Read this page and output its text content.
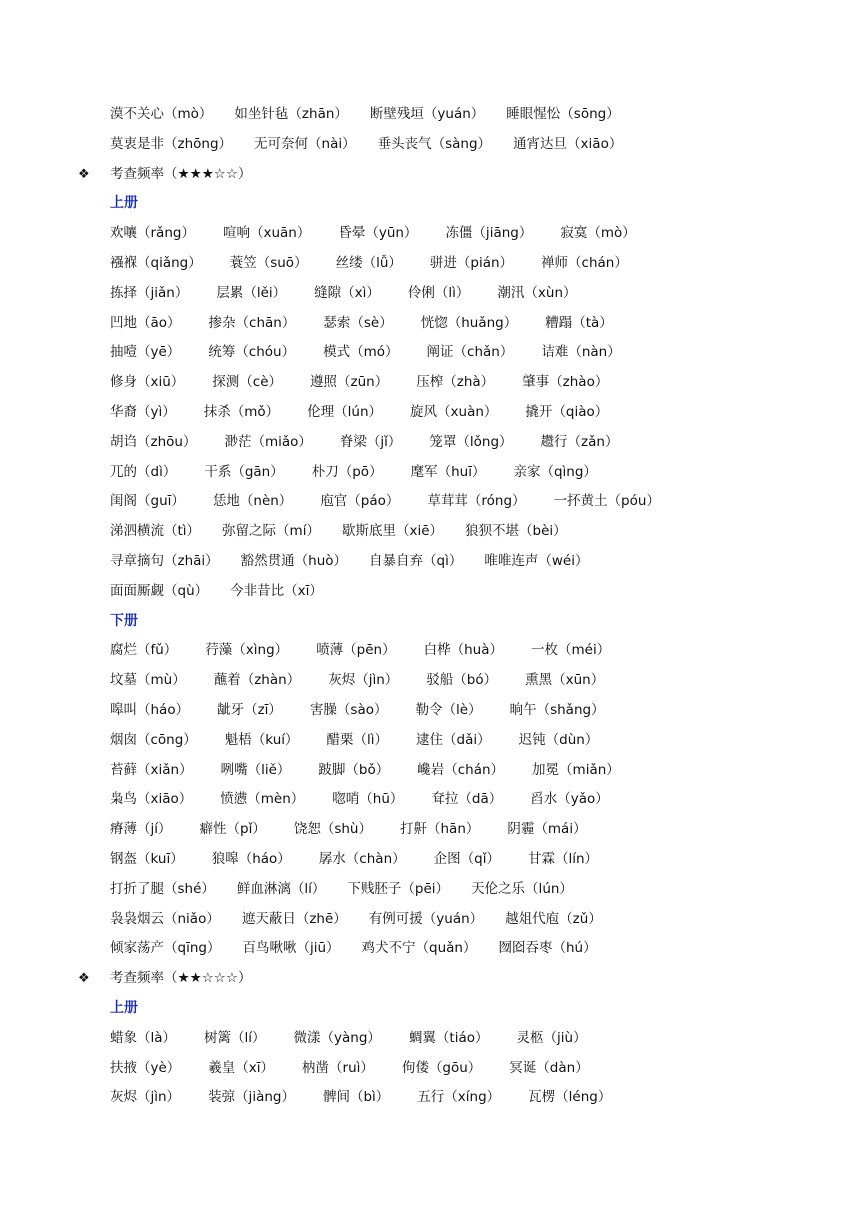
漠不关心（mò） 如坐针毡（zhān） 断壁残垣（yuán） 睡眼惺忪（sōng）
莫衷是非（zhōng） 无可奈何（nài） 垂头丧气（sàng） 通宵达旦（xiāo）
❖ 考查频率（★★★☆☆）
上册
欢嚷（rǎng） 喧响（xuān） 昏晕（yūn） 冻僵（jiāng） 寂寞（mò）
襁褓（qiǎng） 蓑笠（suō） 丝缕（lǚ） 骈进（pián） 禅师（chán）
拣择（jiǎn） 层累（lěi） 缝隙（xì） 伶俐（lì） 潮汛（xùn）
凹地（āo） 掺杂（chān） 瑟索（sè） 恍惚（huǎng） 糟蹋（tà）
抽噎（yē） 统筹（chóu） 模式（mó） 阐证（chǎn） 诘难（nàn）
修身（xiū） 探测（cè） 遵照（zūn） 压榨（zhà） 肇事（zhào）
华裔（yì） 抹杀（mǒ） 伦理（lún） 旋风（xuàn） 撬开（qiào）
胡诌（zhōu） 渺茫（miǎo） 脊梁（jǐ） 笼罩（lǒng） 趱行（zǎn）
兀的（dì） 干系（gān） 朴刀（pō） 麾军（huī） 亲家（qìng）
闺阁（guī） 恁地（nèn） 庖官（páo） 草茸茸（róng） 一抔黄土（póu）
涕泗横流（tì） 弥留之际（mí） 歇斯底里（xiē） 狼狈不堪（bèi）
寻章摘句（zhāi） 豁然贯通（huò） 自暴自弃（qì） 唯唯连声（wéi）
面面厮觑（qù） 今非昔比（xī）
下册
腐烂（fǔ） 荇藻（xìng） 喷薄（pēn） 白桦（huà） 一枚（méi）
坟墓（mù） 蘸着（zhàn） 灰烬（jìn） 驳船（bó） 熏黑（xūn）
嗥叫（háo） 龇牙（zī） 害臊（sào） 勒令（lè） 晌午（shǎng）
烟囱（cōng） 魁梧（kuí） 醋栗（lì） 逮住（dǎi） 迟钝（dùn）
苔藓（xiǎn） 咧嘴（liě） 跛脚（bǒ） 巉岩（chán） 加冕（miǎn）
枭鸟（xiāo） 愤懑（mèn） 唿哨（hū） 耷拉（dā） 舀水（yǎo）
瘠薄（jí） 癖性（pǐ） 饶恕（shù） 打鼾（hān） 阴霾（mái）
钢盔（kuī） 狼嗥（háo） 孱水（chàn） 企图（qǐ） 甘霖（lín）
打折了腿（shé） 鲜血淋漓（lí） 下贱胚子（pēi） 天伦之乐（lún）
袅袅烟云（niǎo） 遮天蔽日（zhē） 有例可援（yuán） 越俎代庖（zǔ）
倾家荡产（qīng） 百鸟啾啾（jiū） 鸡犬不宁（quǎn） 囫囵吞枣（hú）
❖ 考查频率（★★☆☆☆）
上册
蜡象（là） 树篱（lí） 微漾（yàng） 蜩翼（tiáo） 灵柩（jiù）
扶掖（yè） 羲皇（xī） 枘凿（ruì） 佝偻（gōu） 冥诞（dàn）
灰烬（jìn） 装弶（jiàng） 髀间（bì） 五行（xíng） 瓦楞（léng）
